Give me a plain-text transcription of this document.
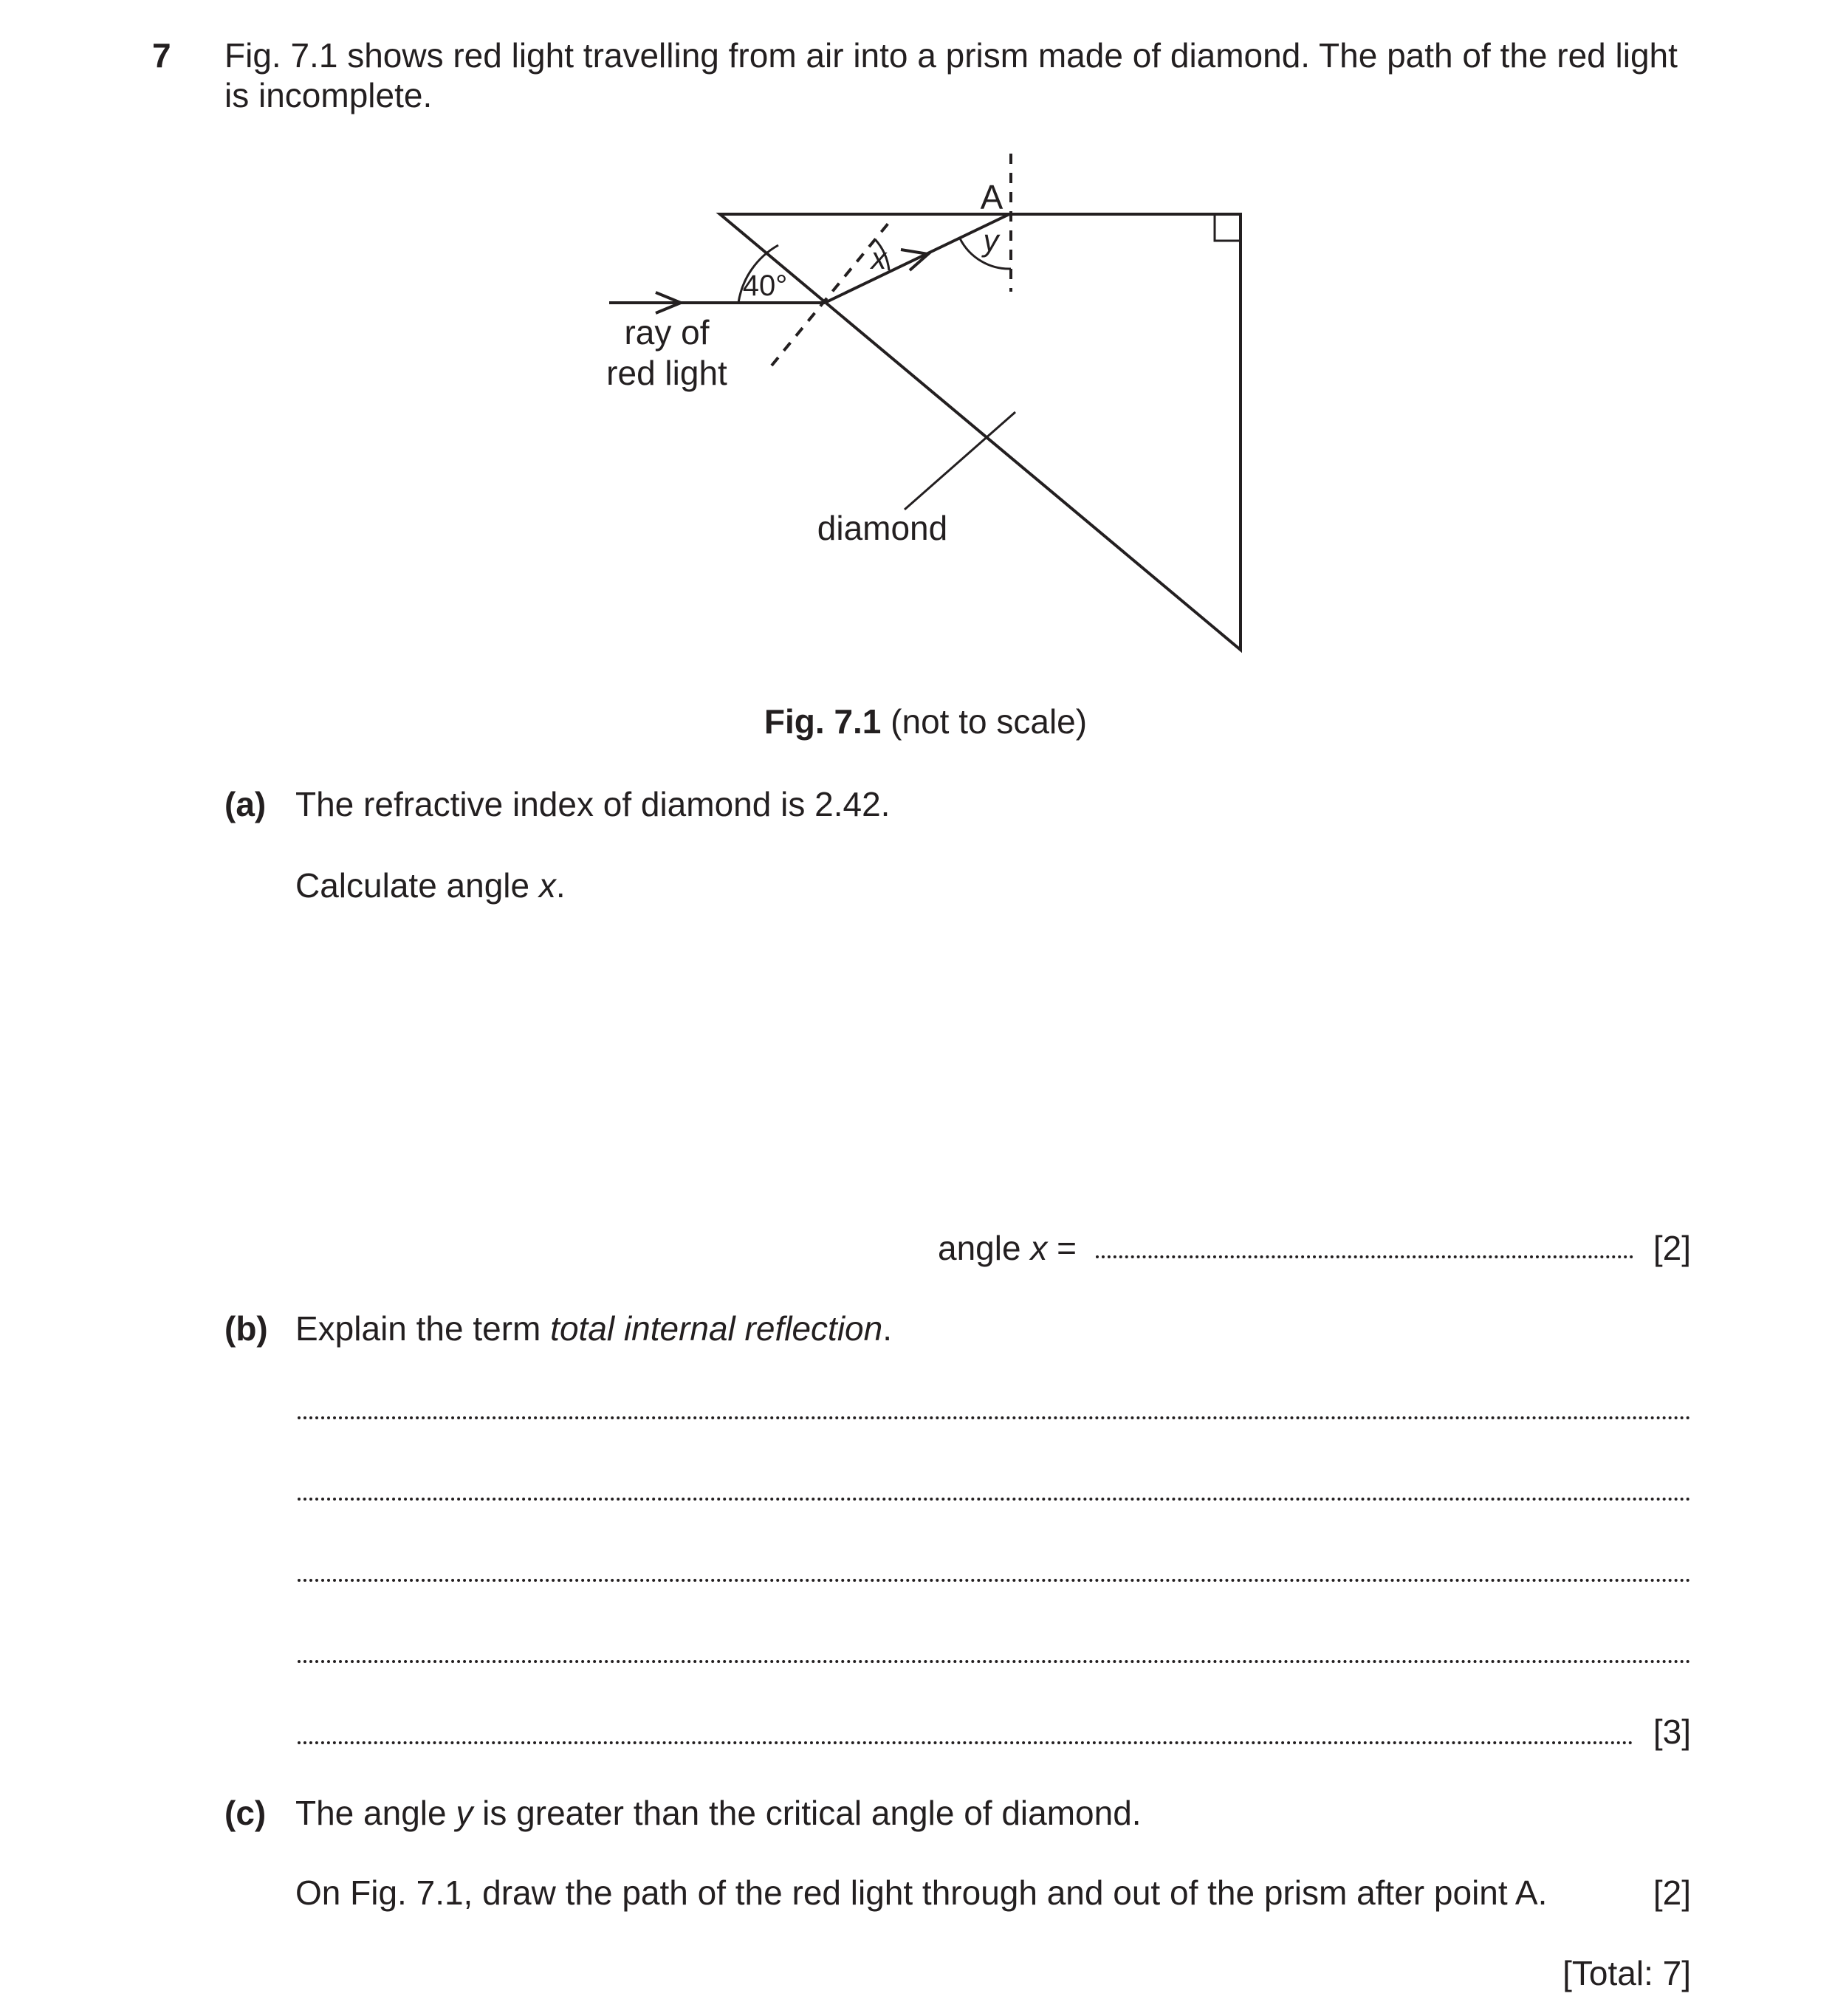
7 Fig. 7.1 shows red light travelling from air into a prism made of diamond. The path of the red light
is incomplete.
A
x
y
40°
ray of
red light
diamond
Fig. 7.1 (not to scale)
(a) The refractive index of diamond is 2.42.
Calculate angle x.
angle x =	[2]
(b) Explain the term total internal reflection.
[3]
(c) The angle y is greater than the critical angle of diamond.
On Fig. 7.1, draw the path of the red light through and out of the prism after point A.	[2]
[Total: 7]
